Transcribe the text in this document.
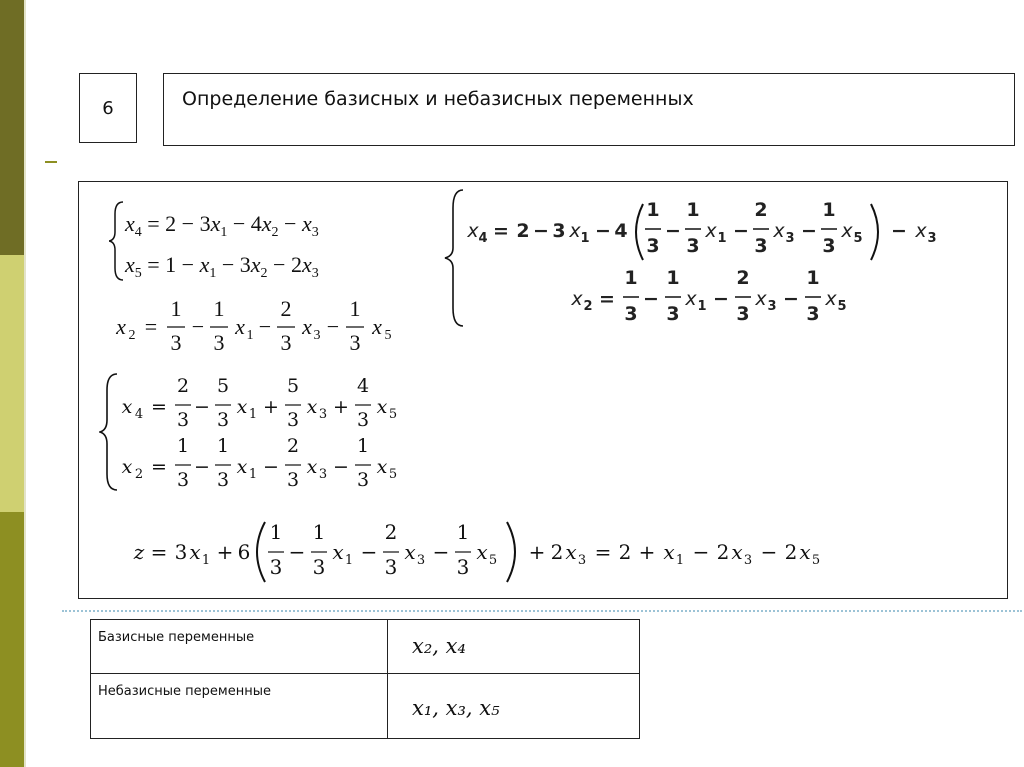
6	Определение базисных и небазисных переменных
$x_4 = 2 - 3x_1 - 4x_2 - x_3$
$x_5 = 1 - x_1 - 3x_2 - 2x_3$
x 2 =
1
3
−
1
3
x 1 −
2
3
x 3 −
1
3
x 5
x 4 =
2
3
−
5
3
x 1 +
5
3
x 3 +
4
3
x 5
x 2 =
1
3
−
1
3
x 1 −
2
3
x 3 −
1
3
x 5
x 4 = 2 − 3 x 1 − 4
1
3
−
1
3
x 1 −
2
3
x 3 −
1
3
x 5 − x 3
x 2 =
1
3
−
1
3
x 1 −
2
3
x 3 −
1
3
x 5
z = 3 x 1 + 6
1
3
−
1
3
x 1 −
2
3
x 3 −
1
3
x 5 + 2 x 3 = 2 + x 1 − 2 x 3 − 2 x 5
Базисные переменные	x₂, x₄
Небазисные переменные	x₁, x₃, x₅
